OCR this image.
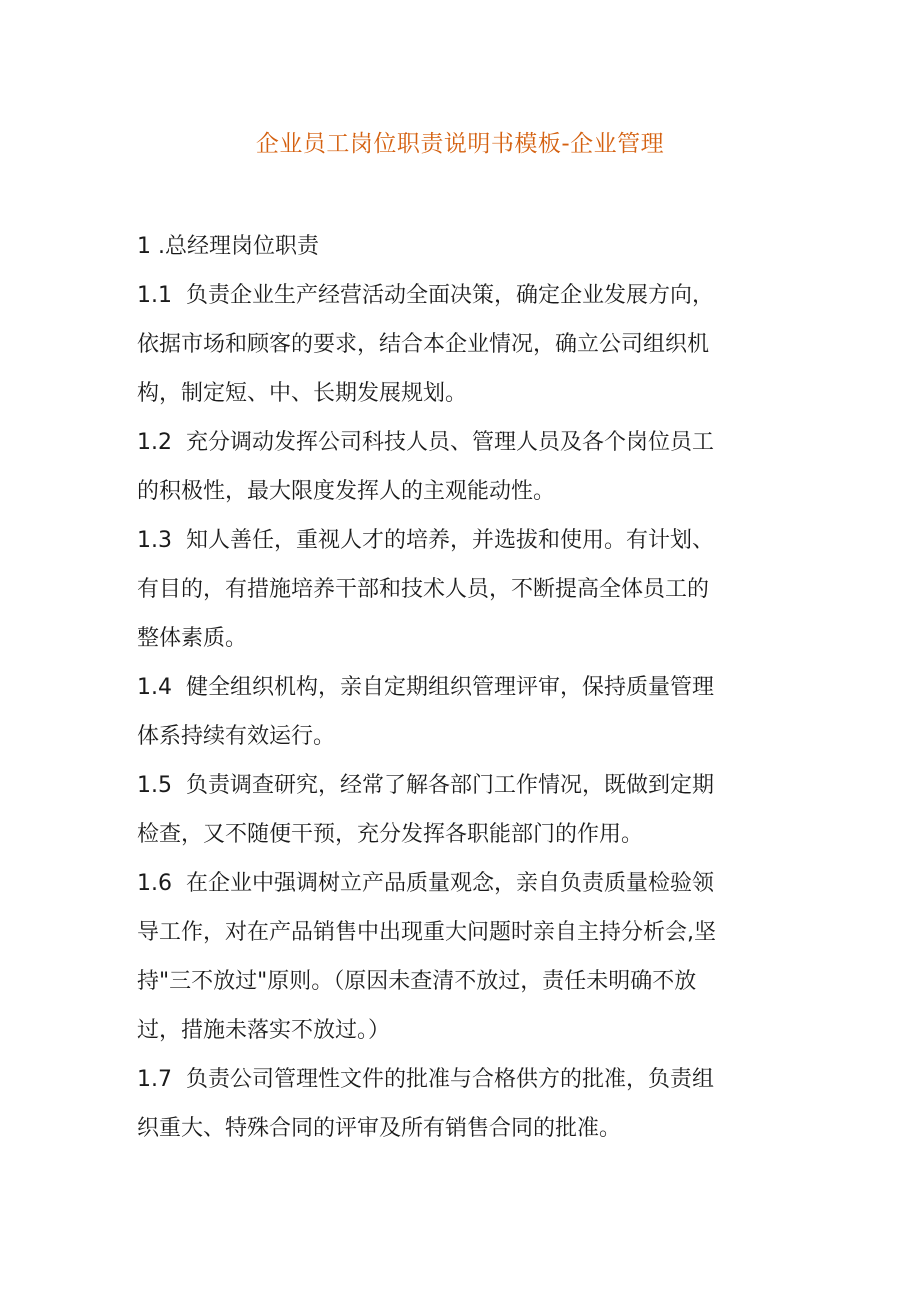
企业员工岗位职责说明书模板-企业管理

1 .总经理岗位职责

1.1 负责企业生产经营活动全面决策，确定企业发展方向，
依据市场和顾客的要求，结合本企业情况，确立公司组织机
构，制定短、中、长期发展规划。

1.2 充分调动发挥公司科技人员、管理人员及各个岗位员工
的积极性，最大限度发挥人的主观能动性。

1.3 知人善任，重视人才的培养，并选拔和使用。有计划、
有目的，有措施培养干部和技术人员，不断提高全体员工的
整体素质。

1.4 健全组织机构，亲自定期组织管理评审，保持质量管理
体系持续有效运行。

1.5 负责调查研究，经常了解各部门工作情况，既做到定期
检查，又不随便干预，充分发挥各职能部门的作用。

1.6 在企业中强调树立产品质量观念，亲自负责质量检验领
导工作，对在产品销售中出现重大问题时亲自主持分析会,坚
持"三不放过"原则。（原因未查清不放过，责任未明确不放
过，措施未落实不放过。）

1.7 负责公司管理性文件的批准与合格供方的批准，负责组
织重大、特殊合同的评审及所有销售合同的批准。
